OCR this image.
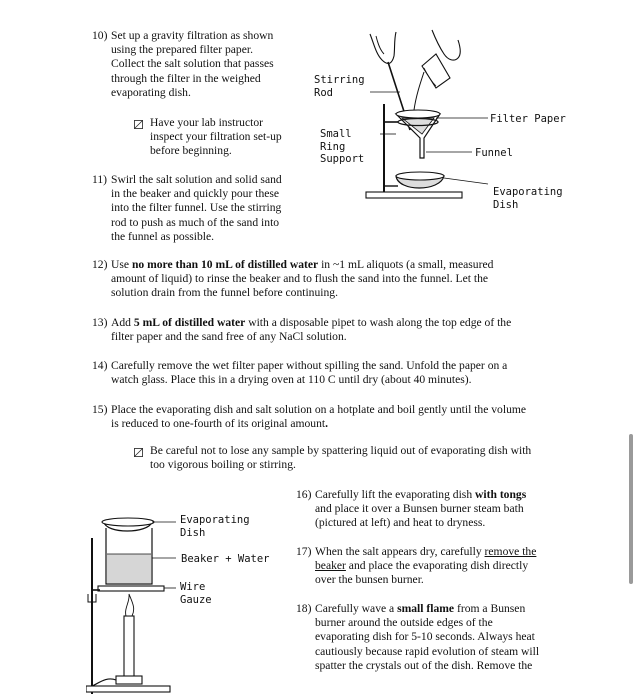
10) Set up a gravity filtration as shown
using the prepared filter paper.
Collect the salt solution that passes
through the filter in the weighed
evaporating dish.
Have your lab instructor
inspect your filtration set-up
before beginning.
11) Swirl the salt solution and solid sand
in the beaker and quickly pour these
into the filter funnel. Use the stirring
rod to push as much of the sand into
the funnel as possible.
Stirring
Rod
Filter Paper
Small
Ring
Support	Funnel
Evaporating
Dish
12) Use no more than 10 mL of distilled water in ~1 mL aliquots (a small, measured
amount of liquid) to rinse the beaker and to flush the sand into the funnel. Let the
solution drain from the funnel before continuing.
13) Add 5 mL of distilled water with a disposable pipet to wash along the top edge of the
filter paper and the sand free of any NaCl solution.
14) Carefully remove the wet filter paper without spilling the sand. Unfold the paper on a
watch glass. Place this in a drying oven at 110 C until dry (about 40 minutes).
15) Place the evaporating dish and salt solution on a hotplate and boil gently until the volume
is reduced to one-fourth of its original amount.
Be careful not to lose any sample by spattering liquid out of evaporating dish with
too vigorous boiling or stirring.
Evaporating
Dish
Beaker + Water
Wire
Gauze
16) Carefully lift the evaporating dish with tongs
and place it over a Bunsen burner steam bath
(pictured at left) and heat to dryness.
17) When the salt appears dry, carefully remove the
beaker and place the evaporating dish directly
over the bunsen burner.
18) Carefully wave a small flame from a Bunsen
burner around the outside edges of the
evaporating dish for 5-10 seconds. Always heat
cautiously because rapid evolution of steam will
spatter the crystals out of the dish. Remove the
